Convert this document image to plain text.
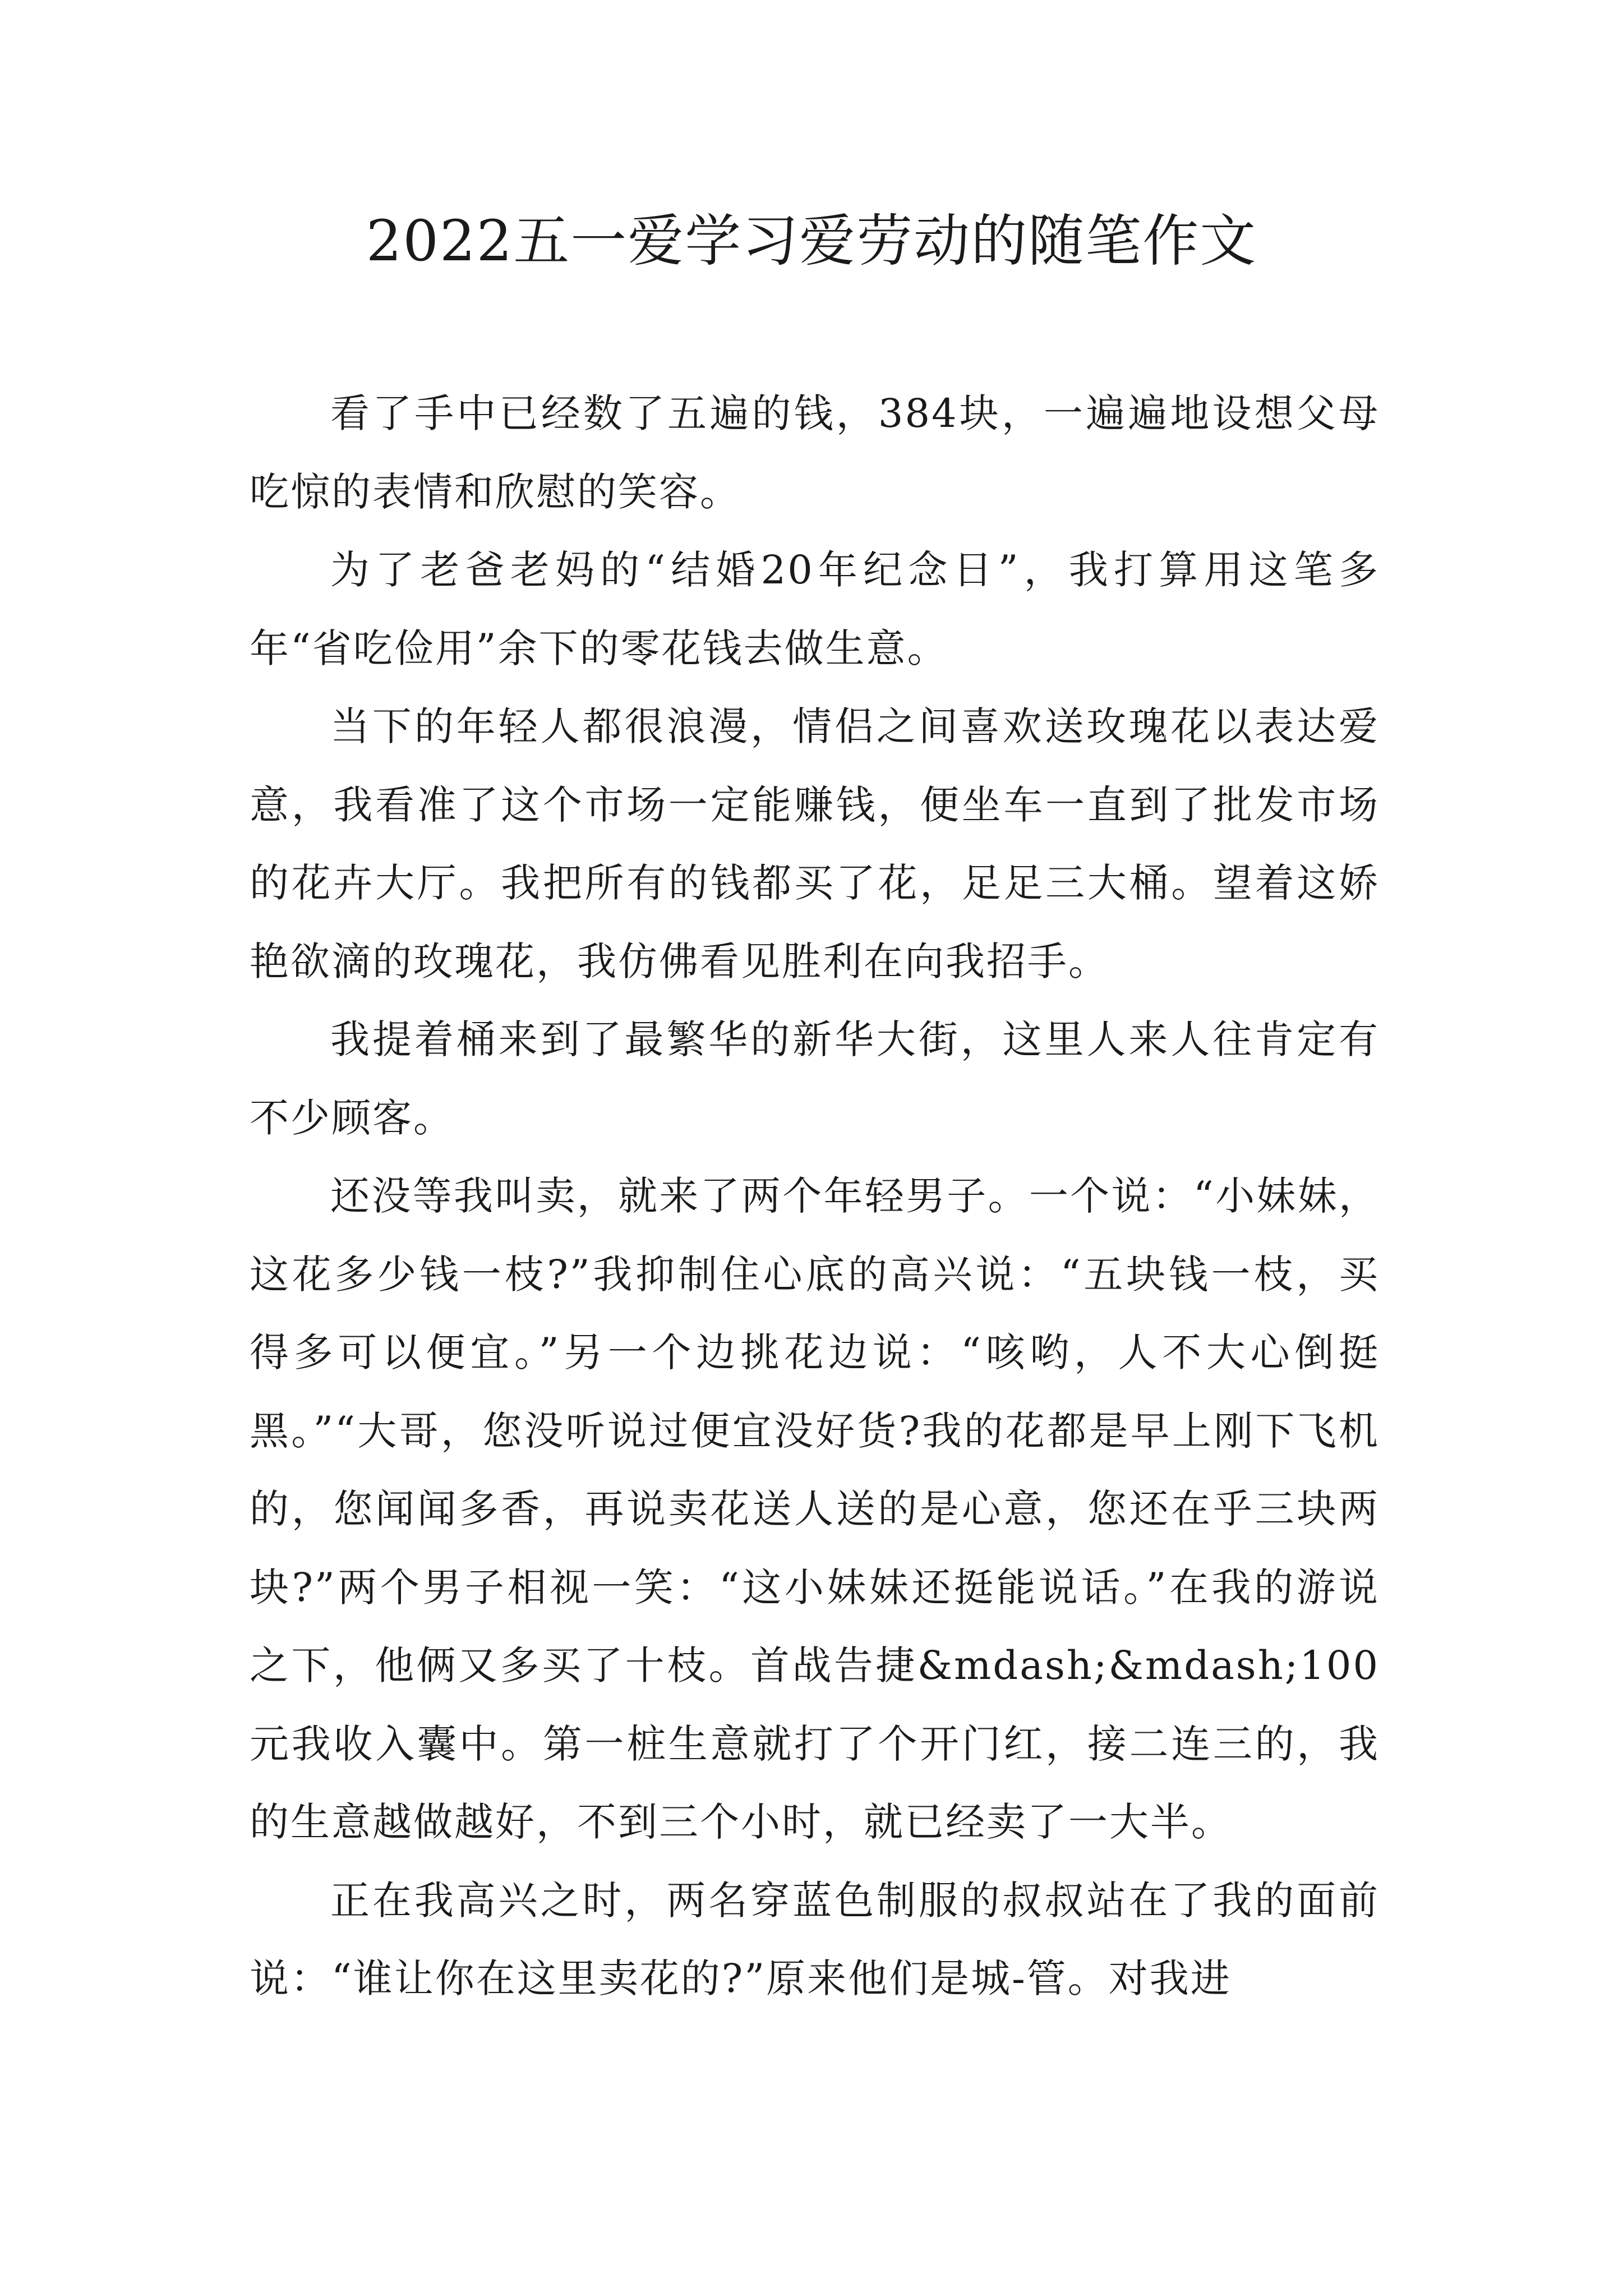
2022五一爱学习爱劳动的随笔作文

看了手中已经数了五遍的钱，384块，一遍遍地设想父母吃惊的表情和欣慰的笑容。

为了老爸老妈的“结婚20年纪念日”，我打算用这笔多年“省吃俭用”余下的零花钱去做生意。

当下的年轻人都很浪漫，情侣之间喜欢送玫瑰花以表达爱意，我看准了这个市场一定能赚钱，便坐车一直到了批发市场的花卉大厅。我把所有的钱都买了花，足足三大桶。望着这娇艳欲滴的玫瑰花，我仿佛看见胜利在向我招手。

我提着桶来到了最繁华的新华大街，这里人来人往肯定有不少顾客。

还没等我叫卖，就来了两个年轻男子。一个说：“小妹妹，这花多少钱一枝?”我抑制住心底的高兴说：“五块钱一枝，买得多可以便宜。”另一个边挑花边说：“咳哟，人不大心倒挺黑。”“大哥，您没听说过便宜没好货?我的花都是早上刚下飞机的，您闻闻多香，再说卖花送人送的是心意，您还在乎三块两块?”两个男子相视一笑：“这小妹妹还挺能说话。”在我的游说之下，他俩又多买了十枝。首战告捷&mdash;&mdash;100元我收入囊中。第一桩生意就打了个开门红，接二连三的，我的生意越做越好，不到三个小时，就已经卖了一大半。

正在我高兴之时，两名穿蓝色制服的叔叔站在了我的面前说：“谁让你在这里卖花的?”原来他们是城-管。对我进
